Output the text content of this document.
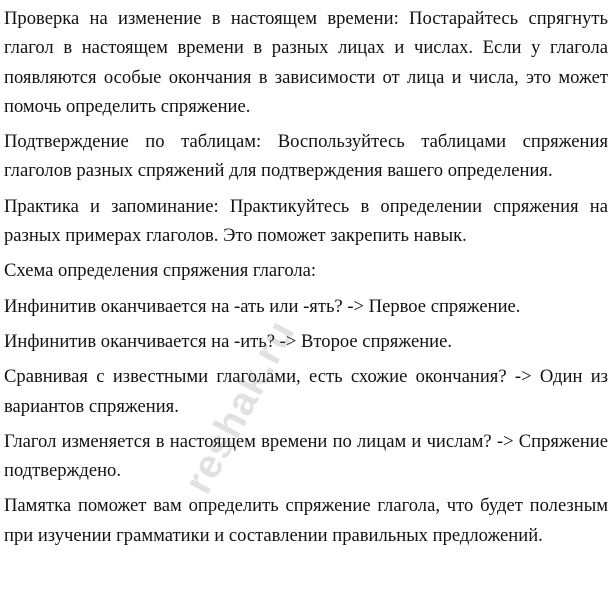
Проверка на изменение в настоящем времени: Постарайтесь спрягнуть глагол в настоящем времени в разных лицах и числах. Если у глагола появляются особые окончания в зависимости от лица и числа, это может помочь определить спряжение.

Подтверждение по таблицам: Воспользуйтесь таблицами спряжения глаголов разных спряжений для подтверждения вашего определения.

Практика и запоминание: Практикуйтесь в определении спряжения на разных примерах глаголов. Это поможет закрепить навык.

Схема определения спряжения глагола:

Инфинитив оканчивается на -ать или -ять? -> Первое спряжение.

Инфинитив оканчивается на -ить? -> Второе спряжение.

Сравнивая с известными глаголами, есть схожие окончания? -> Один из вариантов спряжения.

Глагол изменяется в настоящем времени по лицам и числам? -> Спряжение подтверждено.

Памятка поможет вам определить спряжение глагола, что будет полезным при изучении грамматики и составлении правильных предложений.

reshak.ru
